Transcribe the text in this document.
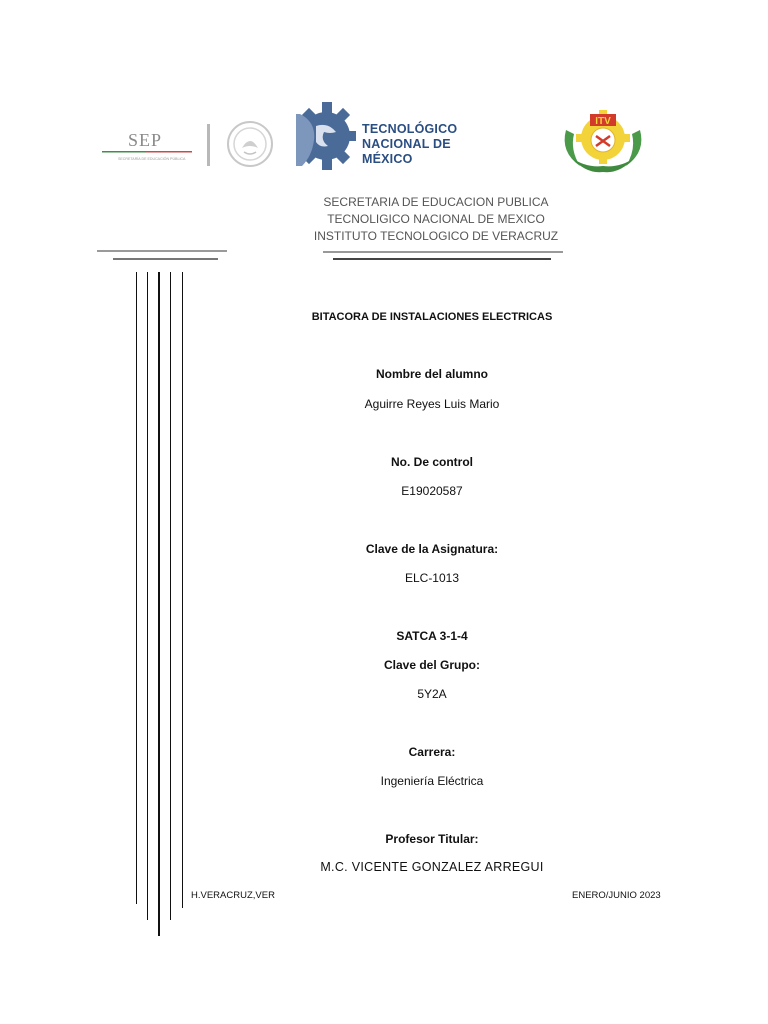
SEP
SECRETARÍA DE EDUCACIÓN PÚBLICA
TECNOLÓGICO
NACIONAL DE MÉXICO
ITV
SECRETARIA DE EDUCACION PUBLICA
TECNOLIGICO NACIONAL DE MEXICO
INSTITUTO TECNOLOGICO DE VERACRUZ
BITACORA DE INSTALACIONES ELECTRICAS
Nombre del alumno
Aguirre Reyes Luis Mario
No. De control
E19020587
Clave de la Asignatura:
ELC-1013
SATCA 3-1-4
Clave del Grupo:
5Y2A
Carrera:
Ingeniería Eléctrica
Profesor Titular:
M.C. VICENTE GONZALEZ ARREGUI
H.VERACRUZ,VER	ENERO/JUNIO 2023
